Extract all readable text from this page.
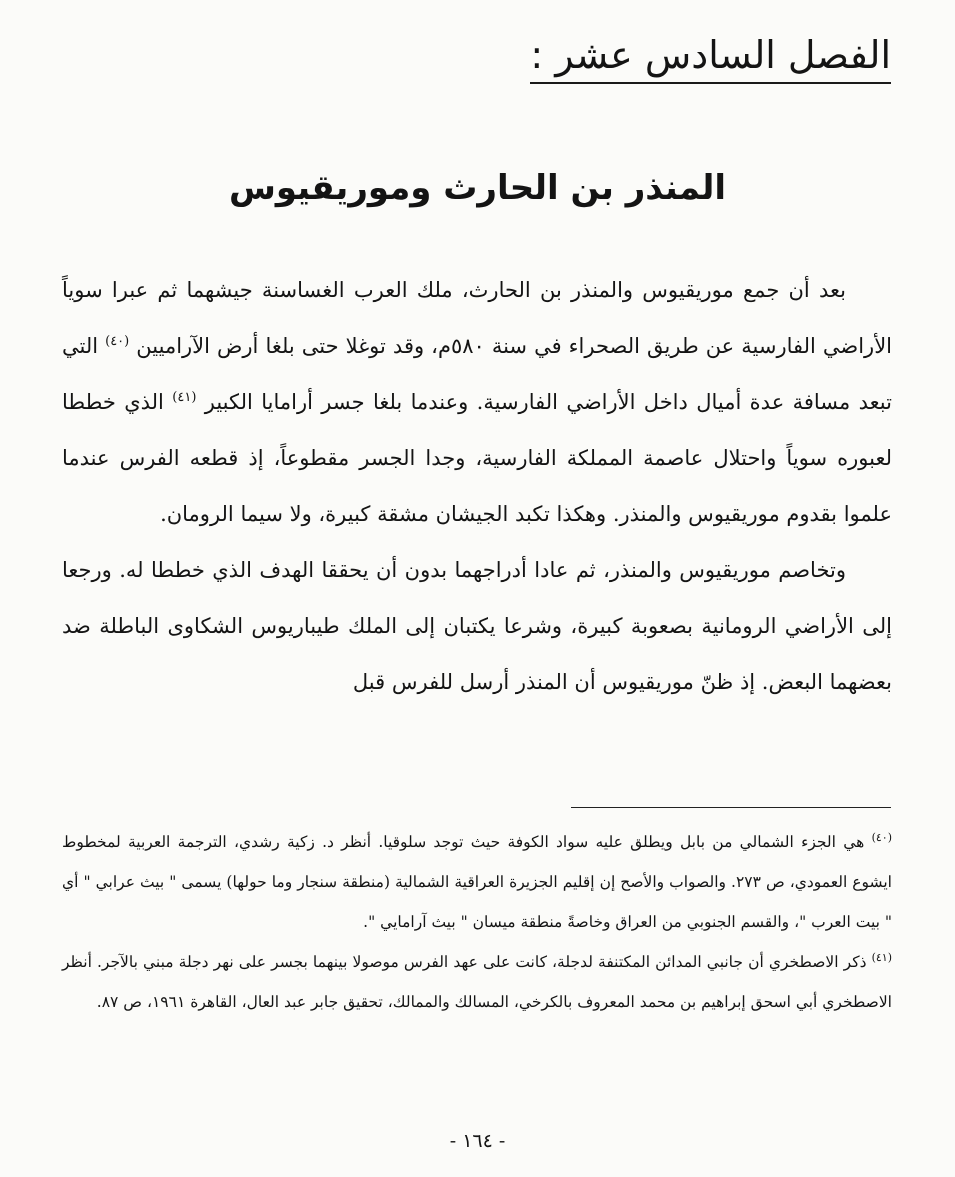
الفصل السادس عشر :
المنذر بن الحارث وموريقيوس

بعد أن جمع موريقيوس والمنذر بن الحارث، ملك العرب الغساسنة جيشهما ثم عبرا سوياً الأراضي الفارسية عن طريق الصحراء في سنة ٥٨٠م، وقد توغلا حتى بلغا أرض الآراميين $^{(٤٠)}$ التي تبعد مسافة عدة أميال داخل الأراضي الفارسية. وعندما بلغا جسر أرامايا الكبير $^{(٤١)}$ الذي خططا لعبوره سوياً واحتلال عاصمة المملكة الفارسية، وجدا الجسر مقطوعاً، إذ قطعه الفرس عندما علموا بقدوم موريقيوس والمنذر. وهكذا تكبد الجيشان مشقة كبيرة، ولا سيما الرومان.

وتخاصم موريقيوس والمنذر، ثم عادا أدراجهما بدون أن يحققا الهدف الذي خططا له. ورجعا إلى الأراضي الرومانية بصعوبة كبيرة، وشرعا يكتبان إلى الملك طيباريوس الشكاوى الباطلة ضد بعضهما البعض. إذ ظنّ موريقيوس أن المنذر أرسل للفرس قبل

$^{(٤٠)}$ هي الجزء الشمالي من بابل ويطلق عليه سواد الكوفة حيث توجد سلوقيا. أنظر د. زكية رشدي، الترجمة العربية لمخطوط ايشوع العمودي، ص ٢٧٣. والصواب والأصح إن إقليم الجزيرة العراقية الشمالية (منطقة سنجار وما حولها) يسمى " بيث عرابي " أي " بيت العرب "، والقسم الجنوبي من العراق وخاصةً منطقة ميسان " بيث آرامايي ".

$^{(٤١)}$ ذكر الاصطخري أن جانبي المدائن المكتنفة لدجلة، كانت على عهد الفرس موصولا بينهما بجسر على نهر دجلة مبني بالآجر. أنظر الاصطخري أبي اسحق إبراهيم بن محمد المعروف بالكرخي، المسالك والممالك، تحقيق جابر عبد العال، القاهرة ١٩٦١، ص ٨٧.

- ١٦٤ -
